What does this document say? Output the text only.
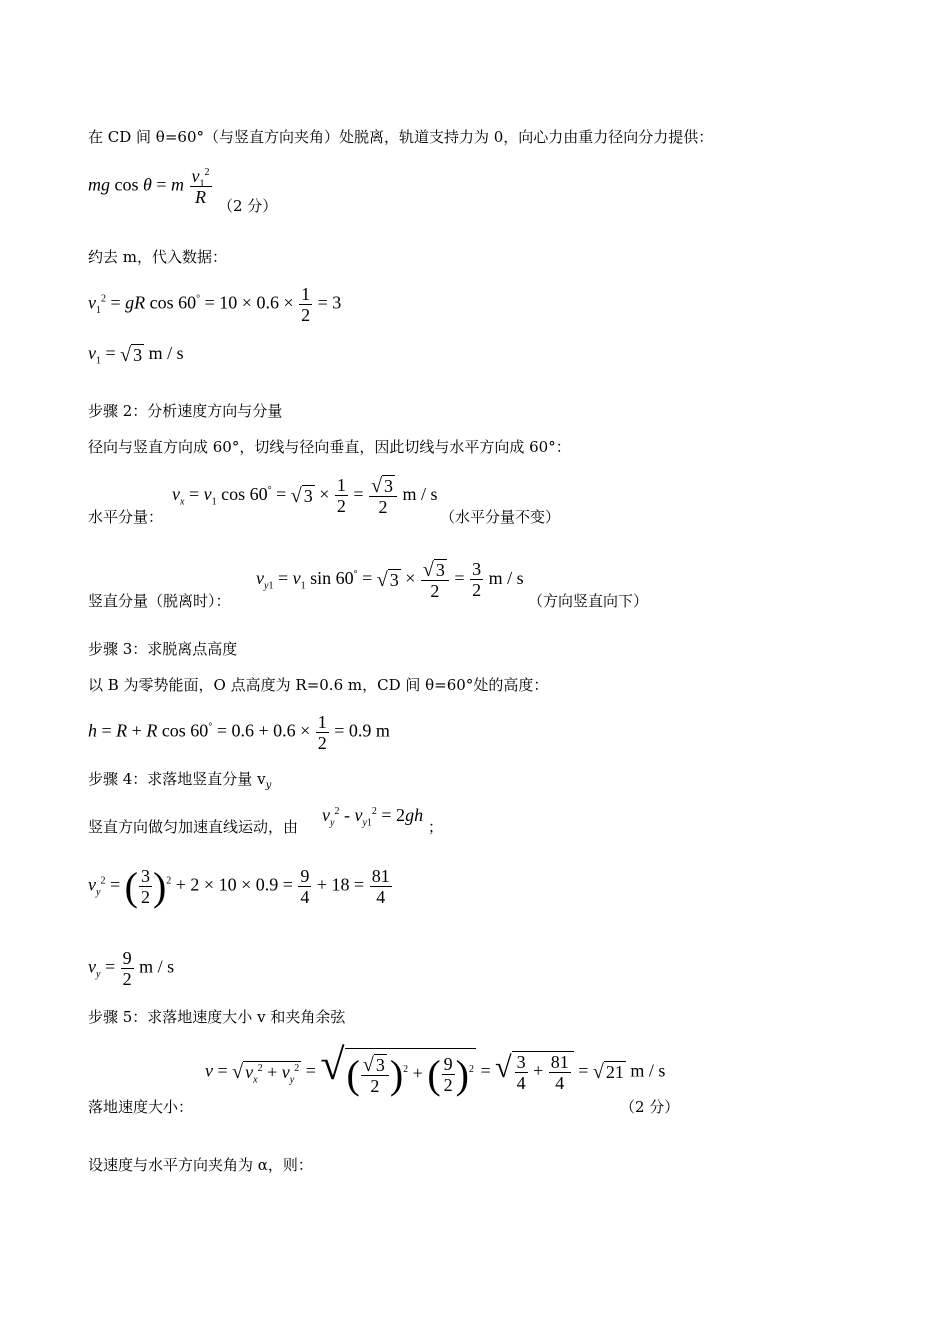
在 CD 间 θ=60°（与竖直方向夹角）处脱离，轨道支持力为 0，向心力由重力径向分力提供：
mg cos θ = m $\frac{v_1^2}{R} (2$ 分）
约去 m，代入数据：
$v_1^2$ = gR $\cos 60^\circ = 10 \times 0.6 \times \frac{1}{2} = 3$
$v_1$ = √ 3 m / s
步骤 2：分析速度方向与分量
径向与竖直方向成 60°，切线与径向垂直，因此切线与水平方向成 60°：
水平分量：
$v_x = v_1$ cos 60° = √ $3 \times \frac{1}{2} = \frac{√ 3}{2}$ m / s
（水平分量不变）
竖直分量（脱离时）：
$v_{y1} = v_1$ sin 60° = √ $3 \times \frac{√ 3}{2} = \frac{3}{2}$ m / s
（方向竖直向下）
步骤 3：求脱离点高度
以 B 为零势能面，O 点高度为 R=0.6 m，CD 间 θ=60°处的高度：
h = R + R $\cos 60^\circ = 0.6 + 0.6 \times \frac{1}{2} = 0.9$ m
步骤 4：求落地竖直分量 $v_y$
竖直方向做匀加速直线运动，由
$v_y^2 - v_{y1}^2 = 2gh$
；
$v_y^2$ = ( $\frac{3}{2} )^2 + 2 \times 10 \times 0.9 = \frac{9}{4} + 18 = \frac{81}{4}$
$v_y = \frac{9}{2}$ m / s
步骤 5：求落地速度大小 v 和夹角余弦
落地速度大小：
v = √ $v_x^2 + v_y^2$ = √( $\frac{√ 3}{2} )^2$ + ( $\frac{9}{2} )^2$ = √ $\frac{3}{4} + \frac{81}{4}$ = √ 21 m / s
（2 分）
设速度与水平方向夹角为 α，则：
